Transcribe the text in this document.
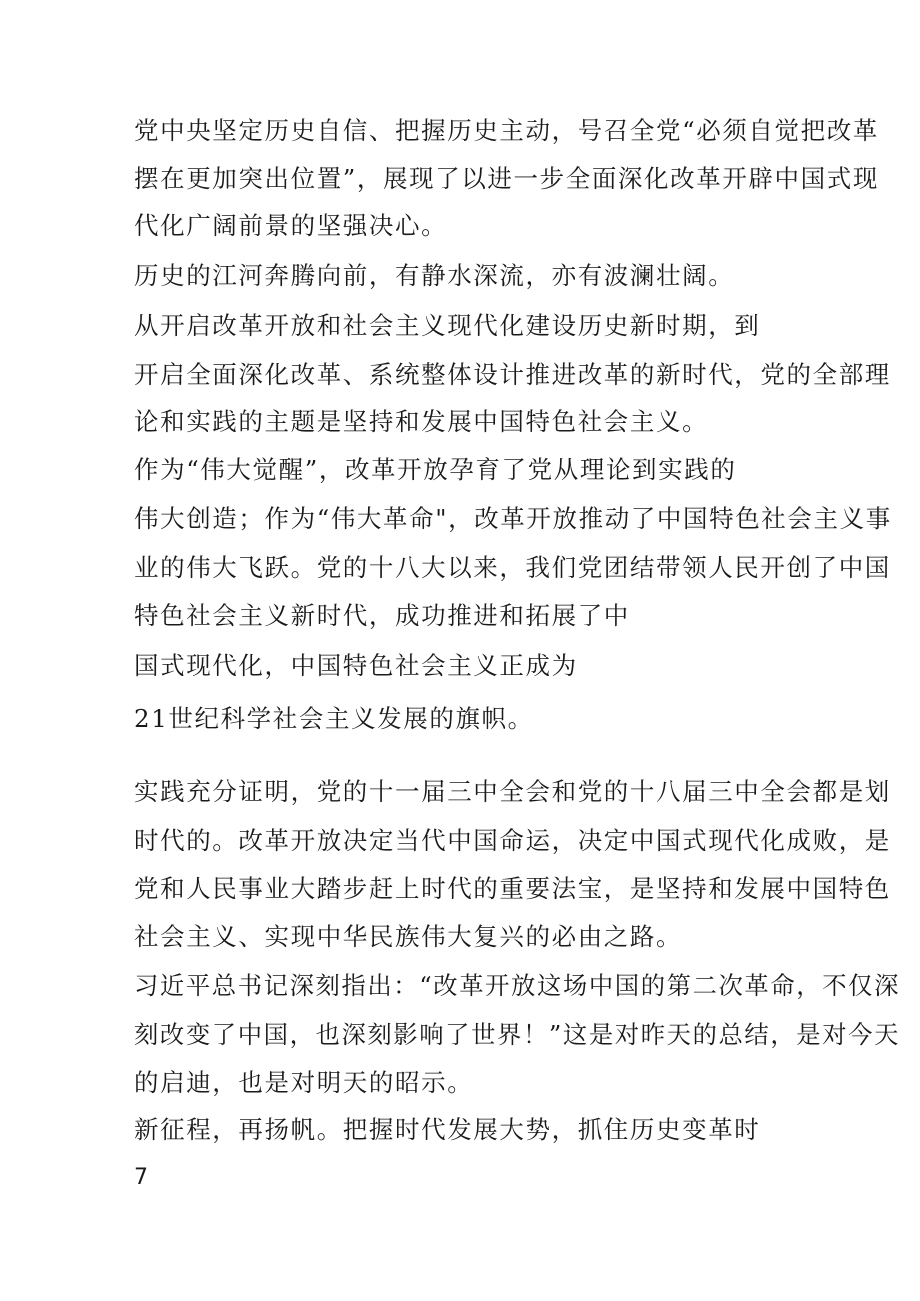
党中央坚定历史自信、把握历史主动，号召全党“必须自觉把改革

摆在更加突出位置”，展现了以进一步全面深化改革开辟中国式现

代化广阔前景的坚强决心。

历史的江河奔腾向前，有静水深流，亦有波澜壮阔。

从开启改革开放和社会主义现代化建设历史新时期，到

开启全面深化改革、系统整体设计推进改革的新时代，党的全部理

论和实践的主题是坚持和发展中国特色社会主义。

作为“伟大觉醒”，改革开放孕育了党从理论到实践的

伟大创造；作为“伟大革命"，改革开放推动了中国特色社会主义事

业的伟大飞跃。党的十八大以来，我们党团结带领人民开创了中国

特色社会主义新时代，成功推进和拓展了中

国式现代化，中国特色社会主义正成为

21世纪科学社会主义发展的旗帜。

实践充分证明，党的十一届三中全会和党的十八届三中全会都是划

时代的。改革开放决定当代中国命运，决定中国式现代化成败，是

党和人民事业大踏步赶上时代的重要法宝，是坚持和发展中国特色

社会主义、实现中华民族伟大复兴的必由之路。

习近平总书记深刻指出：“改革开放这场中国的第二次革命，不仅深

刻改变了中国，也深刻影响了世界！”这是对昨天的总结，是对今天

的启迪，也是对明天的昭示。

新征程，再扬帆。把握时代发展大势，抓住历史变革时

7
